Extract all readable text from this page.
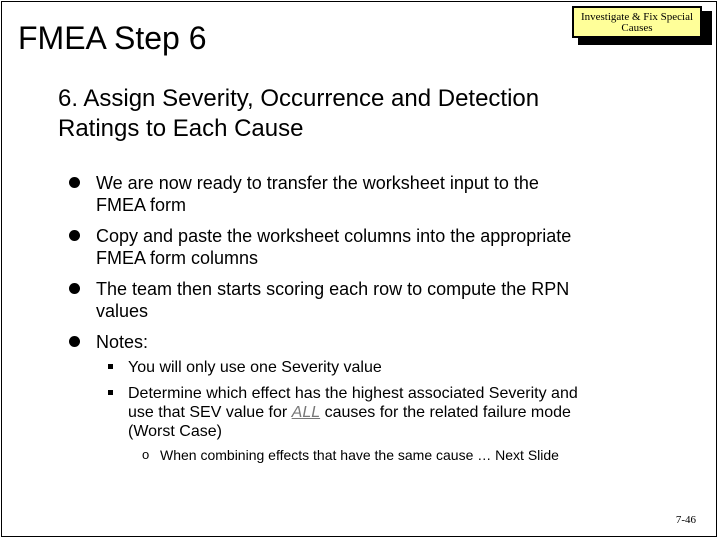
FMEA Step 6
Investigate & Fix Special
Causes
6. Assign Severity, Occurrence and Detection
Ratings to Each Cause
We are now ready to transfer the worksheet input to the
FMEA form
Copy and paste the worksheet columns into the appropriate
FMEA form columns
The team then starts scoring each row to compute the RPN
values
Notes:
You will only use one Severity value
Determine which effect has the highest associated Severity and
use that SEV value for ALL causes for the related failure mode
(Worst Case)
o When combining effects that have the same cause … Next Slide
7-46
